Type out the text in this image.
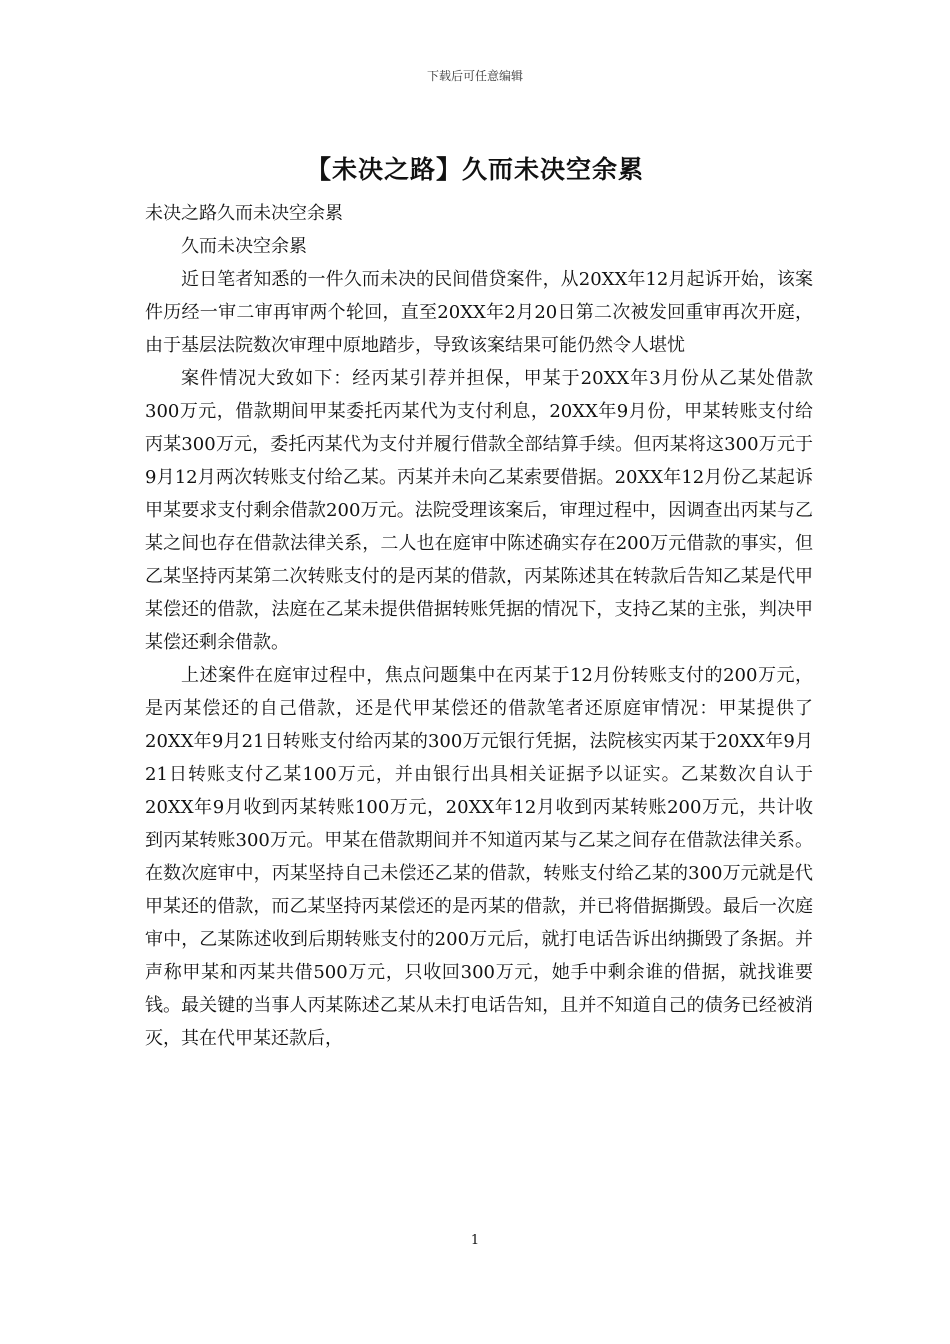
下载后可任意编辑
【未决之路】久而未决空余累

未决之路久而未决空余累

久而未决空余累

近日笔者知悉的一件久而未决的民间借贷案件，从20XX年12月起诉开始，该案件历经一审二审再审两个轮回，直至20XX年2月20日第二次被发回重审再次开庭，由于基层法院数次审理中原地踏步，导致该案结果可能仍然令人堪忧

案件情况大致如下：经丙某引荐并担保，甲某于20XX年3月份从乙某处借款300万元，借款期间甲某委托丙某代为支付利息，20XX年9月份，甲某转账支付给丙某300万元，委托丙某代为支付并履行借款全部结算手续。但丙某将这300万元于9月12月两次转账支付给乙某。丙某并未向乙某索要借据。20XX年12月份乙某起诉甲某要求支付剩余借款200万元。法院受理该案后，审理过程中，因调查出丙某与乙某之间也存在借款法律关系，二人也在庭审中陈述确实存在200万元借款的事实，但乙某坚持丙某第二次转账支付的是丙某的借款，丙某陈述其在转款后告知乙某是代甲某偿还的借款，法庭在乙某未提供借据转账凭据的情况下，支持乙某的主张，判决甲某偿还剩余借款。

上述案件在庭审过程中，焦点问题集中在丙某于12月份转账支付的200万元，是丙某偿还的自己借款，还是代甲某偿还的借款笔者还原庭审情况：甲某提供了20XX年9月21日转账支付给丙某的300万元银行凭据，法院核实丙某于20XX年9月21日转账支付乙某100万元，并由银行出具相关证据予以证实。乙某数次自认于20XX年9月收到丙某转账100万元，20XX年12月收到丙某转账200万元，共计收到丙某转账300万元。甲某在借款期间并不知道丙某与乙某之间存在借款法律关系。在数次庭审中，丙某坚持自己未偿还乙某的借款，转账支付给乙某的300万元就是代甲某还的借款，而乙某坚持丙某偿还的是丙某的借款，并已将借据撕毁。最后一次庭审中，乙某陈述收到后期转账支付的200万元后，就打电话告诉出纳撕毁了条据。并声称甲某和丙某共借500万元，只收回300万元，她手中剩余谁的借据，就找谁要钱。最关键的当事人丙某陈述乙某从未打电话告知，且并不知道自己的债务已经被消灭，其在代甲某还款后，

1
